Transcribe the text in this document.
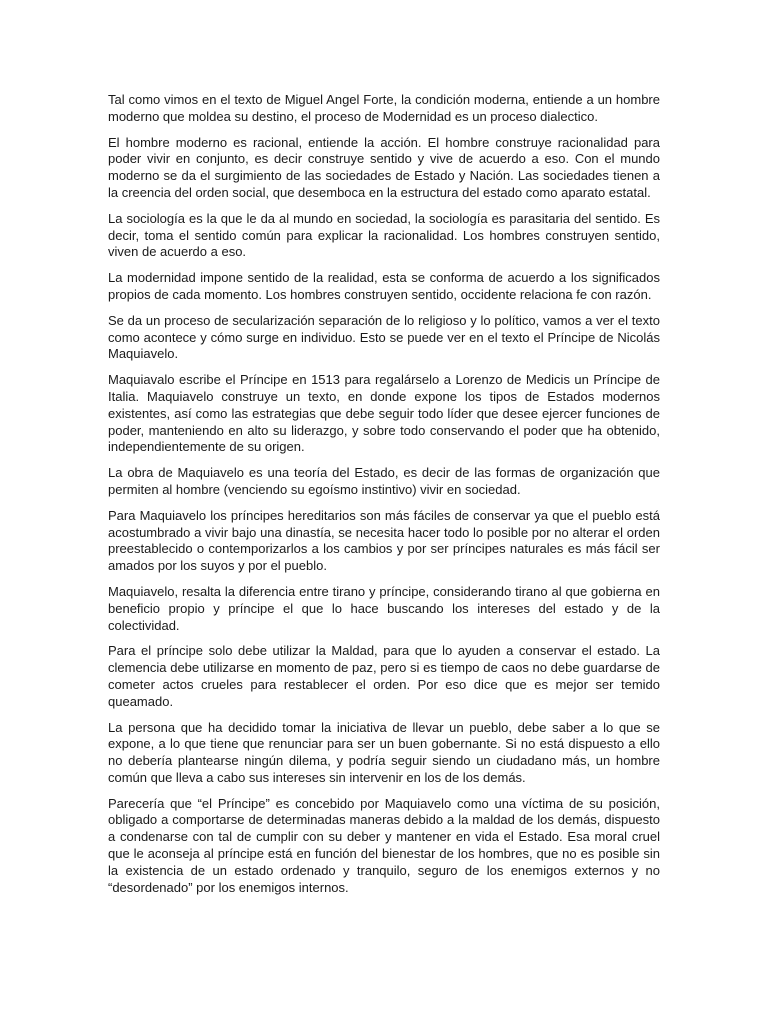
Tal como vimos en el texto de Miguel Angel Forte, la condición moderna, entiende a un hombre moderno que moldea su destino, el proceso de Modernidad es un proceso dialectico.

El hombre moderno es racional, entiende la acción. El hombre construye racionalidad para poder vivir en conjunto, es decir construye sentido y vive de acuerdo a eso. Con el mundo moderno se da el surgimiento de las sociedades de Estado y Nación. Las sociedades tienen a la creencia del orden social, que desemboca en la estructura del estado como aparato estatal.

La sociología es la que le da al mundo en sociedad, la sociología es parasitaria del sentido. Es decir, toma el sentido común para explicar la racionalidad. Los hombres construyen sentido, viven de acuerdo a eso.

La modernidad impone sentido de la realidad, esta se conforma de acuerdo a los significados propios de cada momento. Los hombres construyen sentido, occidente relaciona fe con razón.

Se da un proceso de secularización separación de lo religioso y lo político, vamos a ver el texto como acontece y cómo surge en individuo. Esto se puede ver en el texto el Príncipe de Nicolás Maquiavelo.

Maquiavalo escribe el Príncipe en 1513 para regalárselo a Lorenzo de Medicis un Príncipe de Italia. Maquiavelo construye un texto, en donde expone los tipos de Estados modernos existentes, así como las estrategias que debe seguir todo líder que desee ejercer funciones de poder, manteniendo en alto su liderazgo, y sobre todo conservando el poder que ha obtenido, independientemente de su origen.

La obra de Maquiavelo es una teoría del Estado, es decir de las formas de organización que permiten al hombre (venciendo su egoísmo instintivo) vivir en sociedad.

Para Maquiavelo los príncipes hereditarios son más fáciles de conservar ya que el pueblo está acostumbrado a vivir bajo una dinastía, se necesita hacer todo lo posible por no alterar el orden preestablecido o contemporizarlos a los cambios y por ser príncipes naturales es más fácil ser amados por los suyos y por el pueblo.

Maquiavelo, resalta la diferencia entre tirano y príncipe, considerando tirano al que gobierna en beneficio propio y príncipe el que lo hace buscando los intereses del estado y de la colectividad.

Para el príncipe solo debe utilizar la Maldad, para que lo ayuden a conservar el estado. La clemencia debe utilizarse en momento de paz, pero si es tiempo de caos no debe guardarse de cometer actos crueles para restablecer el orden. Por eso dice que es mejor ser temido queamado.

La persona que ha decidido tomar la iniciativa de llevar un pueblo, debe saber a lo que se expone, a lo que tiene que renunciar para ser un buen gobernante. Si no está dispuesto a ello no debería plantearse ningún dilema, y podría seguir siendo un ciudadano más, un hombre común que lleva a cabo sus intereses sin intervenir en los de los demás.

Parecería que “el Príncipe” es concebido por Maquiavelo como una víctima de su posición, obligado a comportarse de determinadas maneras debido a la maldad de los demás, dispuesto a condenarse con tal de cumplir con su deber y mantener en vida el Estado. Esa moral cruel que le aconseja al príncipe está en función del bienestar de los hombres, que no es posible sin la existencia de un estado ordenado y tranquilo, seguro de los enemigos externos y no “desordenado” por los enemigos internos.
